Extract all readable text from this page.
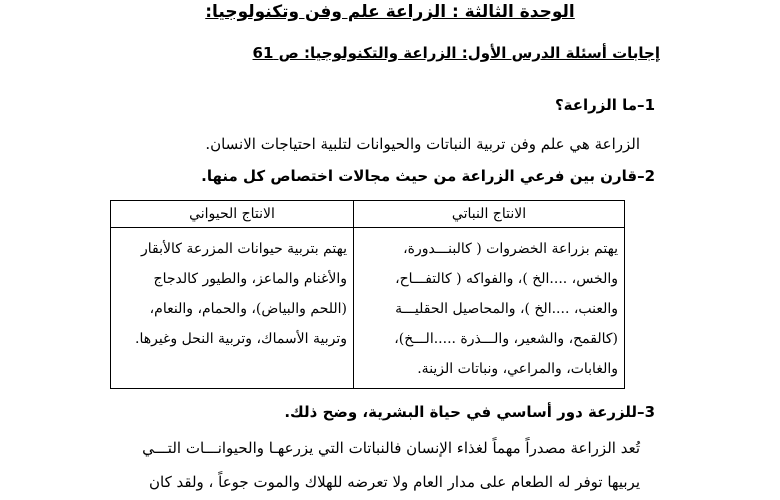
الوحدة الثالثة : الزراعة علم وفن وتكنولوجيا:
إجابات أسئلة الدرس الأول: الزراعة والتكنولوجيا: ص 61
1–ما الزراعة؟
الزراعة هي علم وفن تربية النباتات والحيوانات لتلبية احتياجات الانسان.
2–قارن بين فرعي الزراعة من حيث مجالات اختصاص كل منها.
الانتاج النباتي	الانتاج الحيواني

يهتم بزراعة الخضروات ( كالبنـــدورة،
والخس، ....الخ )، والفواكه ( كالتفـــاح،
والعنب، ....الخ )، والمحاصيل الحقليـــة
(كالقمح، والشعير، والـــذرة .....الـــخ)،
والغابات، والمراعي، ونباتات الزينة.	يهتم بتربية حيوانات المزرعة كالأبقار
والأغنام والماعز، والطيور كالدجاج
(اللحم والبياض)، والحمام، والنعام،
وتربية الأسماك، وتربية النحل وغيرها.
3–للزرعة دور أساسي في حياة البشرية، وضح ذلك.
تُعد الزراعة مصدراً مهماً لغذاء الإنسان فالنباتات التي يزرعهـا والحيوانـــات التـــي
يربيها توفر له الطعام على مدار العام ولا تعرضه للهلاك والموت جوعاً ، ولقد كان
